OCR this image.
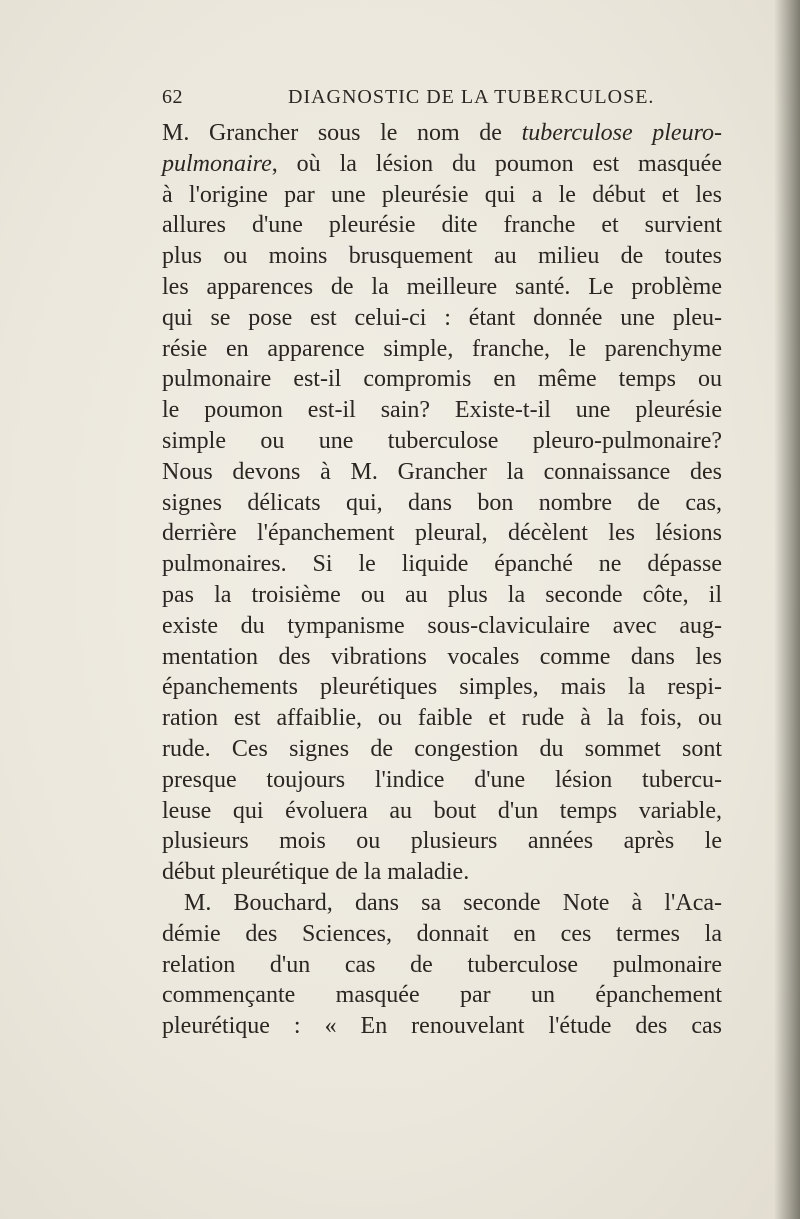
62	DIAGNOSTIC DE LA TUBERCULOSE.
M. Grancher sous le nom de tuberculose pleuro-
pulmonaire, où la lésion du poumon est masquée
à l'origine par une pleurésie qui a le début et les
allures d'une pleurésie dite franche et survient
plus ou moins brusquement au milieu de toutes
les apparences de la meilleure santé. Le problème
qui se pose est celui-ci : étant donnée une pleu-
résie en apparence simple, franche, le parenchyme
pulmonaire est-il compromis en même temps ou
le poumon est-il sain? Existe-t-il une pleurésie
simple ou une tuberculose pleuro-pulmonaire?
Nous devons à M. Grancher la connaissance des
signes délicats qui, dans bon nombre de cas,
derrière l'épanchement pleural, décèlent les lésions
pulmonaires. Si le liquide épanché ne dépasse
pas la troisième ou au plus la seconde côte, il
existe du tympanisme sous-claviculaire avec aug-
mentation des vibrations vocales comme dans les
épanchements pleurétiques simples, mais la respi-
ration est affaiblie, ou faible et rude à la fois, ou
rude. Ces signes de congestion du sommet sont
presque toujours l'indice d'une lésion tubercu-
leuse qui évoluera au bout d'un temps variable,
plusieurs mois ou plusieurs années après le
début pleurétique de la maladie.
M. Bouchard, dans sa seconde Note à l'Aca-
démie des Sciences, donnait en ces termes la
relation d'un cas de tuberculose pulmonaire
commençante masquée par un épanchement
pleurétique : « En renouvelant l'étude des cas
